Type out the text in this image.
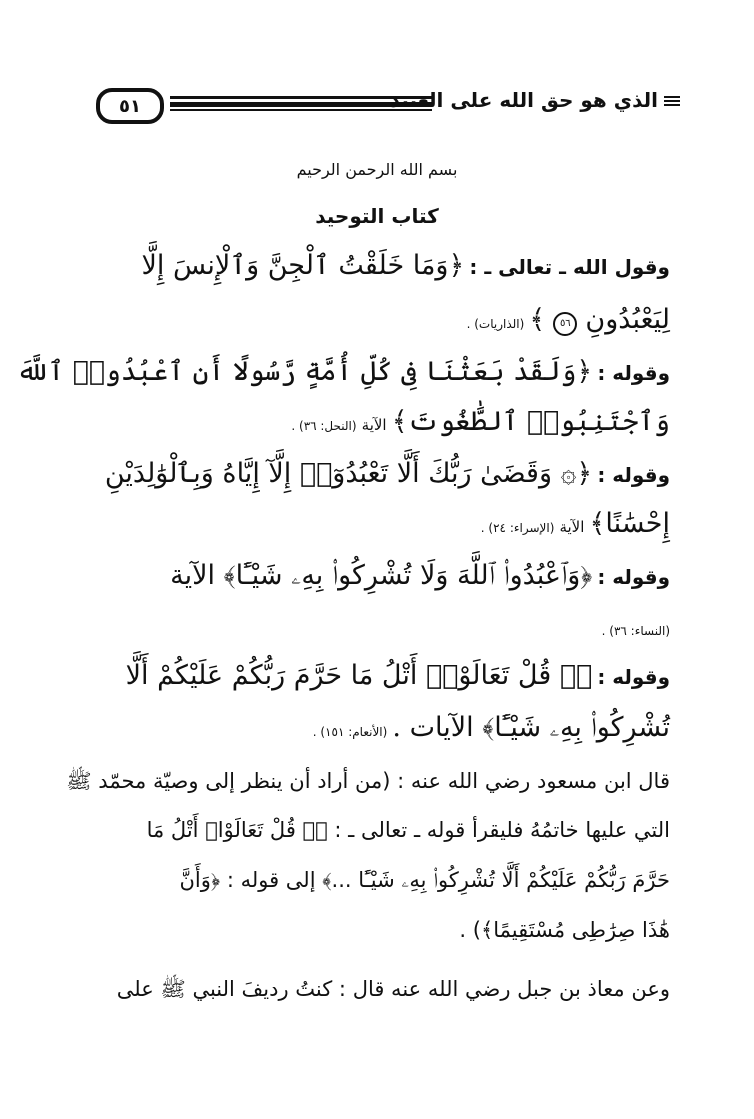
٥١	الذي هو حق الله على العبيد
بسم الله الرحمن الرحيم
كتاب التوحيد
وقول الله ـ تعالى ـ : ﴿وَمَا خَلَقْتُ ٱلْجِنَّ وَٱلْإِنسَ إِلَّا
لِيَعْبُدُونِ ٥٦ ﴾ (الذاريات) .
وقوله : ﴿وَلَقَدْ بَعَثْنَا فِى كُلِّ أُمَّةٍ رَّسُولًا أَنِ ٱعْبُدُوا۟ ٱللَّهَ
وَٱجْتَنِبُوا۟ ٱلطَّٰغُوتَ﴾ الآية (النحل: ٣٦) .
وقوله : ﴿۞ وَقَضَىٰ رَبُّكَ أَلَّا تَعْبُدُوٓا۟ إِلَّآ إِيَّاهُ وَبِٱلْوَٰلِدَيْنِ
إِحْسَٰنًا﴾ الآية (الإسراء: ٢٤) .
وقوله : ﴿وَٱعْبُدُوا۟ ٱللَّهَ وَلَا تُشْرِكُوا۟ بِهِۦ شَيْـًٔا﴾ الآية
(النساء: ٣٦) .
وقوله : ﴿۞ قُلْ تَعَالَوْا۟ أَتْلُ مَا حَرَّمَ رَبُّكُمْ عَلَيْكُمْ أَلَّا
تُشْرِكُوا۟ بِهِۦ شَيْـًٔا﴾ الآيات . (الأنعام: ١٥١) .
قال ابن مسعود رضي الله عنه : (من أراد أن ينظر إلى وصيّة محمّد ﷺ
التي عليها خاتمُهُ فليقرأ قوله ـ تعالى ـ : ﴿۞ قُلْ تَعَالَوْا۟ أَتْلُ مَا
حَرَّمَ رَبُّكُمْ عَلَيْكُمْ أَلَّا تُشْرِكُوا۟ بِهِۦ شَيْـًٔا ...﴾ إلى قوله : ﴿وَأَنَّ
هَٰذَا صِرَٰطِى مُسْتَقِيمًا﴾) .
وعن معاذ بن جبل رضي الله عنه قال : كنتُ رديفَ النبي ﷺ على
